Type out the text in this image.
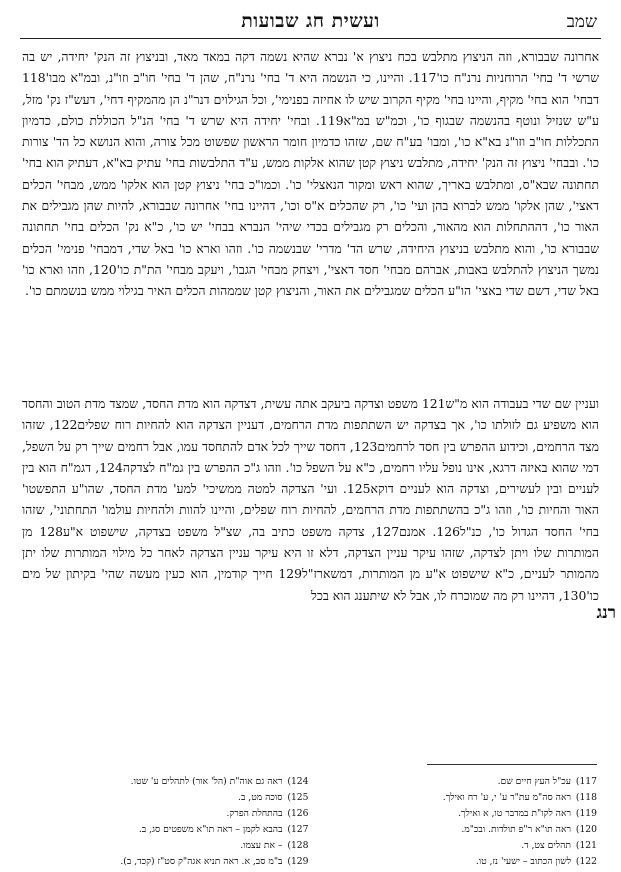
שמב
ועשית חג שבועות

אחרונה שבבורא, וזה הניצוץ מתלבש בכח ניצוץ א' נברא שהיא נשמה דקה במאד מאד, ובניצוץ זה הנק' יחידה, יש בה שרשי ד' בחי' הרוחניות נרנ"ח כו'117. והיינו, כי הנשמה היא ד' בחי' נרנ"ח, שהן ד' בחי' חו"ב וזו"נ, ובמ"א מבו'118 דבחי' הוא בחי' מקיף, והיינו בחי' מקיף הקרוב שיש לו אחיזה בפנימי', וכל הגילוים דנר"נ הן מהמקיף דחי', דעש"ז נק' מזל, ע"ש שנזיל ונוטף בהנשמה שבגוף כו', וכמ"ש במ"א119. ובחי' יחידה היא שרש ד' בחי' הנ"ל הכוללת כולם, כדמיון התכללות חו"ב וזו"נ בא"א כו', ומבו' בע"ח שם, שזהו כדמיון חומר הראשון שפשוט מכל צורה, והוא הנושא כל הד' צורות כו'. ובבחי' ניצוץ זה הנק' יחידה, מתלבש ניצוץ קטן שהוא אלקות ממש, ע"ד התלבשות בחי' עתיק בא"א, דעתיק הוא בחי' תחתונה שבא"ס, ומתלבש באריך, שהוא ראש ומקור הנאצלי' כו'. וכמו"כ בחי' ניצוץ קטן הוא אלקו' ממש, מבחי' הכלים דאצי', שהן אלקו' ממש לברוא בהן ועי' כו', רק שהכלים א"ס וכו', דהיינו בחי' אחרונה שבבורא, להיות שהן מגבילים את האור כו', דההתחלות הוא מהאור, והכלים רק מגבילים בכדי שיהי' הנברא בבחי' יש כו', כ"א נק' הכלים בחי' תחתונה שבבורא כו', והוא מתלבש בניצוץ היחידה, שרש הד' מדרי' שבנשמה כו'. וזהו וארא כו' באל שדי, דמבחי' פנימי' הכלים נמשך הניצוץ להתלבש באבות, אברהם מבחי' חסד דאצי', ויצחק מבחי' הגבו', ויעקב מבחי' הת"ת כו'120, וזהו וארא כו' באל שדי, דשם שדי באצי' הו"ע הכלים שמגבילים את האור, והניצוץ קטן שממהות הכלים האיר בגילוי ממש בנשמתם כו'.

ועניין שם שדי בעבודה הוא מ"ש121 משפט וצדקה ביעקב אתה עשית, דצדקה הוא מדת החסד, שמצד מדת הטוב והחסד הוא משפיע גם לזולתו כו', אך בצדקה יש השתתפות מדת הרחמים, דעניין הצדקה הוא להחיות רוח שפלים122, שזהו מצד הרחמים, וכידוע ההפרש בין חסד לרחמים123, דחסד שייך לכל אדם להתחסד עמו, אבל רחמים שייך רק על השפל, דמי שהוא באיזה דרגא, אינו נופל עליו רחמים, כ"א על השפל כו'. וזהו ג"כ ההפרש בין גמ"ח לצדקה124, דגמ"ח הוא בין לעניים ובין לעשירים, וצדקה הוא לעניים דוקא125. ועי' הצדקה למטה ממשיכי' למע' מדת החסד, שהו"ע התפשטו' האור והחיות כו', וזהו ג"כ בהשתתפות מדת הרחמים, להחיות רוח שפלים, והיינו להוות ולהחיות עולמו' התחתוני', שזהו בחי' החסד הגדול כו', כנ"ל126. אמנם127, צדקה משפט כתיב בה, שצ"ל משפט בצדקה, שישפוט א"ע128 מן המותרות שלו ויתן לצדקה, שזהו עיקר עניין הצדקה, דלא זו היא עיקר עניין הצדקה לאחר כל מילוי המותרות שלו יתן מהמותר לעניים, כ"א שישפוט א"ע מן המותרות, דמשארז"ל129 חייך קודמין, הוא כעין מעשה שהי' בקיתון של מים כו'130, דהיינו רק מה שמוכרח לו, אבל לא שיתענג הוא בכל

רנג
117)
עכ"ל העץ חיים שם.
118)
ראה סה"מ עת"ר ע' י, ע' רח ואילך.
119)
ראה לקו"ת במדבר טו, א ואילך.
120)
ראה תו"א ר"פ תולדות. ובכ"מ.
121)
תהלים צט, ד.
122)
לשון הכתוב – ישעי' נז, טו.
124)
ראה גם אוה"ת (הל' אור) לתהלים ע' שטו.
125)
סוכה מט, ב.
126)
בהתחלת הפרק.
127)
בהבא לקמן – ראה תו"א משפטים סג, ב.
128)
– את עצמו.
129)
ב"מ סב, א. ראה תניא אגה"ק סט"ז (קכד, ב).
